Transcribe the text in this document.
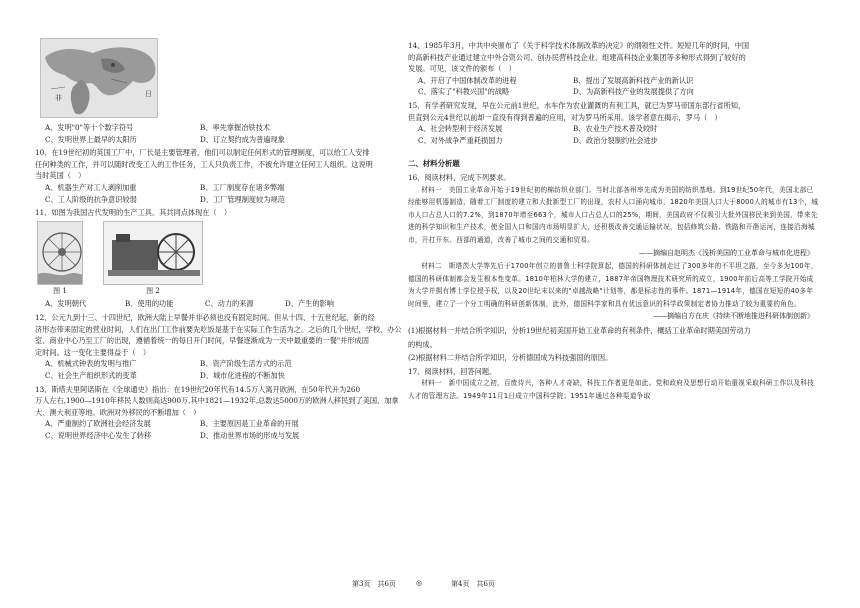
非	日
A、发明"0"等十个数字符号	B、率先掌握冶铁技术
C、发明世界上最早的太阳历	D、订立契约成为普遍现象
10、在19世纪初的英国工厂中，厂长是主要管理者，他们可以制定任何形式的管理制度，可以给工人安排
任何种类的工作，并可以随时改变工人的工作任务，工人只负责工作，不被允许建立任何工人组织。这说明
当时英国（　）
A、机器生产对工人剥削加重	B、工厂制度存在诸多弊端
C、工人阶级的抗争意识较弱	D、工厂管理制度较为规范
11、如图为我国古代发明的生产工具。其共同点体现在（　）
图 1	图 2
A、发明朝代	B、使用的功能	C、动力的来源	D、产生的影响
12、公元九到十三、十四世纪，欧洲大陆上早餐并非必须也没有固定时间。但从十四、十五世纪起，新的经
济形态带来固定的营业时间，人们在出门工作前要先吃饭是基于在实际工作生活为之。之后的几个世纪，学校、办公
室、商业中心乃至工厂的出现，遵循着统一的每日开门时间，早餐逐渐成为一天中最重要的一餐"并形成固
定时间。这一变化主要得益于（　）
A、机械式钟表的发明与推广	B、资产阶级生活方式的示范
C、社会生产组织形式的变革	D、城市化进程的不断加快
13、斯塔夫里阿诺斯在《全球通史》指出：在19世纪20年代有14.5万人离开欧洲，在50年代升为260
万人左右,1900—1910年移民人数则高达900万,其中1821—1932年,总数达5000万的欧洲人移民到了美国、加拿
大、澳大利亚等地。欧洲对外移民的不断增加（　）
A、严重制约了欧洲社会经济发展	B、主要原因是工业革命的开展
C、说明世界经济中心发生了转移	D、推动世界市场的形成与发展
14、1985年3月，中共中央颁布了《关于科学技术体制改革的决定》的纲领性文件。短短几年的时间，中国
的高新科技产业通过建立中外合资公司、创办民营科技企业、组建高科技企业集团等多种形式得到了较好的
发展。可见，该文件的颁布（　）
A、开启了中国体制改革的进程	B、提出了发展高新科技产业的新认识
C、落实了"科教兴国"的战略	D、为高新科技产业的发展提供了方向
15、有学者研究发现，早在公元前1世纪，水车作为农业灌溉的有利工具，就已为罗马帝国东部行省所知，
但直到公元4世纪以前却一直没有得到普遍的应用，对为罗马所采用。该学者意在揭示，罗马（　）
A、社会转型利于经济发展	B、农业生产技术普及较时
C、对外战争严重耗损国力	D、政治分裂制约社会进步
二、材料分析题
16、阅读材料，完成下列要求。
材料一　美国工业革命开始于19世纪初的棉纺织业部门。当时北部各州率先成为美国的纺织基地。到19世纪50年代，美国北部已经能够用机器制造，随着工厂制度的建立和大批新型工厂的出现，农村人口涌向城市，1820年美国人口大于8000人的城市有13个，城市人口占总人口的7.2%，到1870年增至663个，城市人口占总人口的25%，期间，美国政府不仅吸引大批外国移民来到美国，带来先进的科学知识和生产技术，使全国人口和国内市场明显扩大，还积极改善交通运输状况，包括修筑公路、铁路和开凿运河，连接沿海城市，开打开东、西部的通道，改善了城市之间的交通和贸易。
——摘编自赵明杰《浅析美国的工业革命与城市化进程》
材料二　斯塔茨大学等先后于1700年创立的普鲁士科学院算起，德国的科研体制走过了300多年的不平坦之路，至今多为100年，德国的科研体制都会发生根本性变革。1810年柏林大学的建立，1887年帝国物理技术研究所的成立，1900年前后高等工学院开始成为大学并拥有博士学位授予权，以及20世纪末以来的"卓越战略"计划等，都是标志性的事件。1871—1914年，德国在短短的40多年时间里，建立了一个分工明确的科研创新体制，此外，德国科学家和具有优远意识的科学政策制定者协力推动了较为重要的角色。
——摘编自方在庆《持续不断地推进科研体制创新》
(1)根据材料一并结合所学知识，分析19世纪初美国开始工业革命的有利条件，概括工业革命时期美国劳动力
的构成。
(2)根据材料二并结合所学知识，分析德国成为科技强国的原因。
17、阅读材料，回答问题。
材料一　新中国成立之初，百废待兴，各种人才奇缺，科技工作者更是如此。党和政府及思想行动开始重视采取科研工作以及科技人才的管理方法。1949年11月1日成立中国科学院；1951年通过各种渠道争取
第3页　共6页	◎	第4页　共6页
